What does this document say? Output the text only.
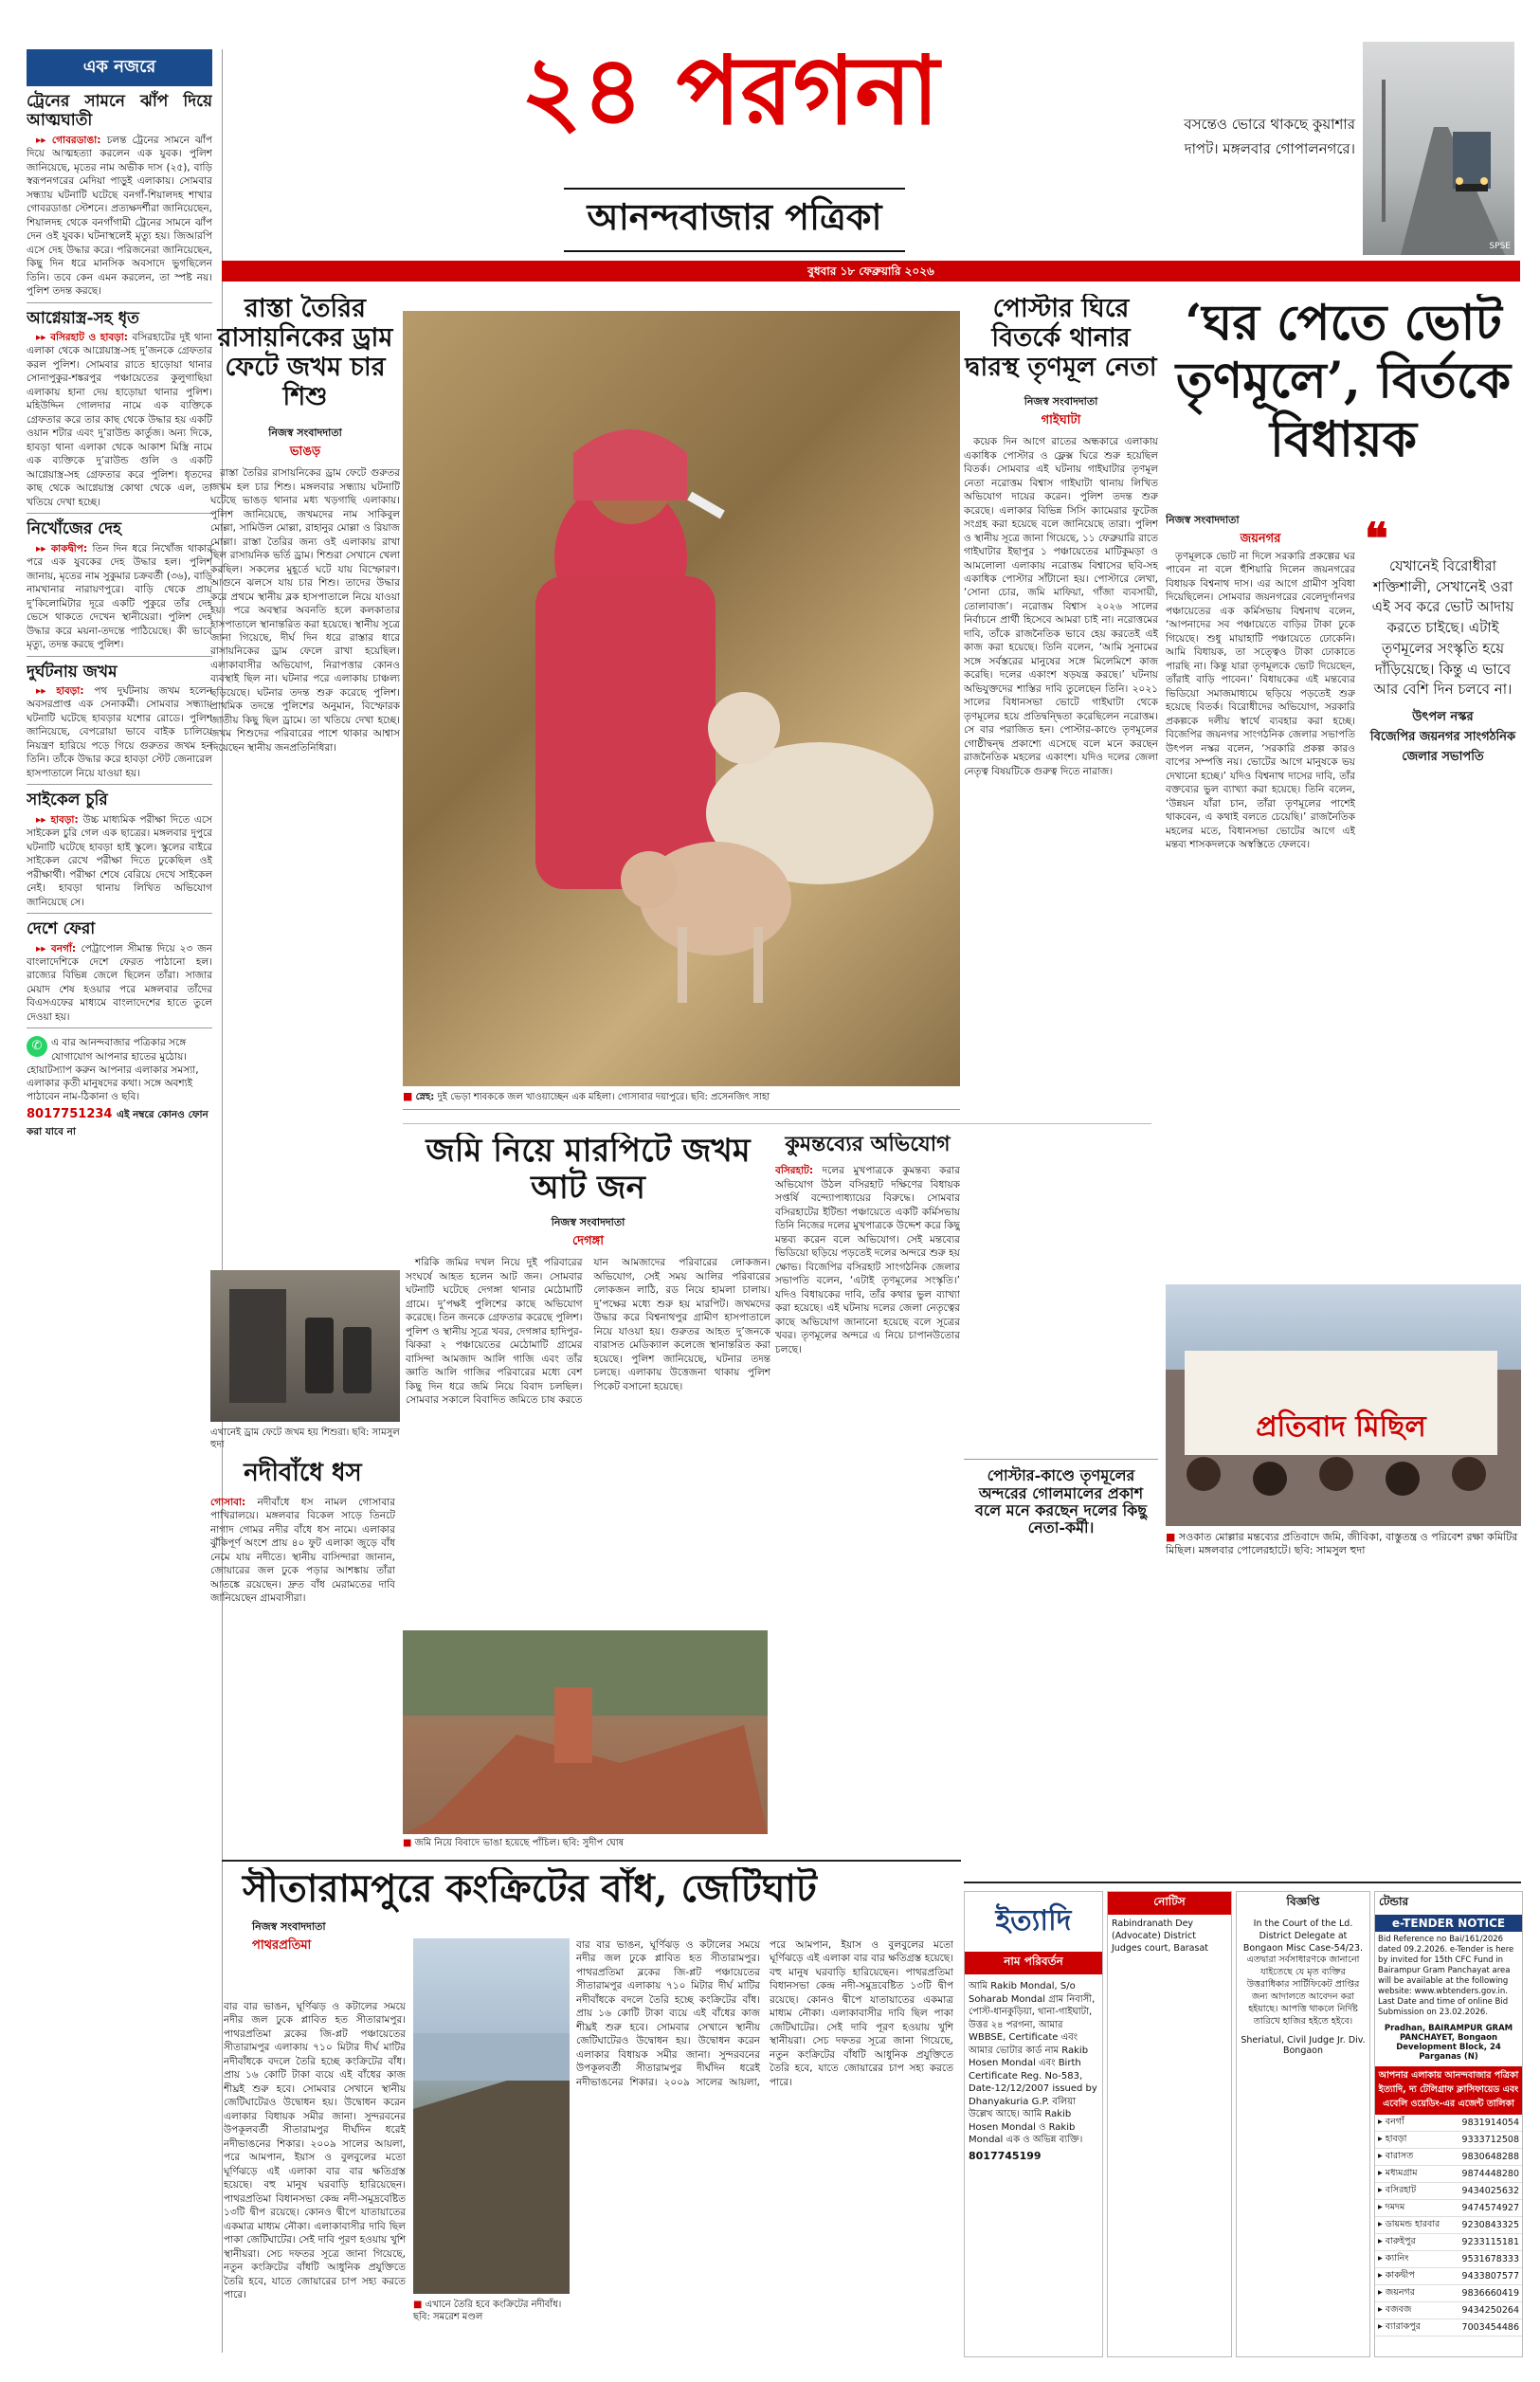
এক নজরে
ট্রেনের সামনে ঝাঁপ দিয়ে আত্মঘাতী

▸▸ গোবরডাঙা: চলন্ত ট্রেনের সামনে ঝাঁপ দিয়ে আত্মহত্যা করলেন এক যুবক। পুলিশ জানিয়েছে, মৃতের নাম অভীক দাস (২৫), বাড়ি স্বরূপনগরের মেদিয়া পাড়ুই এলাকায়। সোমবার সন্ধ্যায় ঘটনাটি ঘটেছে বনগাঁ-শিয়ালদহ শাখার গোবরডাঙা স্টেশনে। প্রত্যক্ষদর্শীরা জানিয়েছেন, শিয়ালদহ থেকে বনগাঁগামী ট্রেনের সামনে ঝাঁপ দেন ওই যুবক। ঘটনাস্থলেই মৃত্যু হয়। জিআরপি এসে দেহ উদ্ধার করে। পরিজনেরা জানিয়েছেন, কিছু দিন ধরে মানসিক অবসাদে ভুগছিলেন তিনি। তবে কেন এমন করলেন, তা স্পষ্ট নয়। পুলিশ তদন্ত করছে।

আগ্নেয়াস্ত্র-সহ ধৃত

▸▸ বসিরহাট ও হাবড়া: বসিরহাটের দুই থানা এলাকা থেকে আগ্নেয়াস্ত্র-সহ দু’জনকে গ্রেফতার করল পুলিশ। সোমবার রাতে হাড়োয়া থানার সোনাপুকুর-শঙ্করপুর পঞ্চায়েতের কুলুগাছিয়া এলাকায় হানা দেয় হাড়োয়া থানার পুলিশ। মহিউদ্দিন গোলদার নামে এক ব্যক্তিকে গ্রেফতার করে তার কাছ থেকে উদ্ধার হয় একটি ওয়ান শটার এবং দু’রাউন্ড কার্তুজ। অন্য দিকে, হাবড়া থানা এলাকা থেকে আকাশ মিস্ত্রি নামে এক ব্যক্তিকে দু’রাউন্ড গুলি ও একটি আগ্নেয়াস্ত্র-সহ গ্রেফতার করে পুলিশ। ধৃতদের কাছ থেকে আগ্নেয়াস্ত্র কোথা থেকে এল, তা খতিয়ে দেখা হচ্ছে।

নিখোঁজের দেহ

▸▸ কাকদ্বীপ: তিন দিন ধরে নিখোঁজ থাকার পরে এক যুবকের দেহ উদ্ধার হল। পুলিশ জানায়, মৃতের নাম সুকুমার চক্রবর্তী (৩৬), বাড়ি নামখানার নারায়ণপুরে। বাড়ি থেকে প্রায় দু’কিলোমিটার দূরে একটি পুকুরে তাঁর দেহ ভেসে থাকতে দেখেন স্থানীয়েরা। পুলিশ দেহ উদ্ধার করে ময়না-তদন্তে পাঠিয়েছে। কী ভাবে মৃত্যু, তদন্ত করছে পুলিশ।

দুর্ঘটনায় জখম

▸▸ হাবড়া: পথ দুর্ঘটনায় জখম হলেন অবসরপ্রাপ্ত এক সেনাকর্মী। সোমবার সন্ধ্যায় ঘটনাটি ঘটেছে হাবড়ার যশোর রোডে। পুলিশ জানিয়েছে, বেপরোয়া ভাবে বাইক চালিয়ে নিয়ন্ত্রণ হারিয়ে পড়ে গিয়ে গুরুতর জখম হন তিনি। তাঁকে উদ্ধার করে হাবড়া স্টেট জেনারেল হাসপাতালে নিয়ে যাওয়া হয়।

সাইকেল চুরি

▸▸ হাবড়া: উচ্চ মাধ্যমিক পরীক্ষা দিতে এসে সাইকেল চুরি গেল এক ছাত্রের। মঙ্গলবার দুপুরে ঘটনাটি ঘটেছে হাবড়া হাই স্কুলে। স্কুলের বাইরে সাইকেল রেখে পরীক্ষা দিতে ঢুকেছিল ওই পরীক্ষার্থী। পরীক্ষা শেষে বেরিয়ে দেখে সাইকেল নেই। হাবড়া থানায় লিখিত অভিযোগ জানিয়েছে সে।

দেশে ফেরা

▸▸ বনগাঁ: পেট্রাপোল সীমান্ত দিয়ে ২৩ জন বাংলাদেশিকে দেশে ফেরত পাঠানো হল। রাজ্যের বিভিন্ন জেলে ছিলেন তাঁরা। সাজার মেয়াদ শেষ হওয়ার পরে মঙ্গলবার তাঁদের বিএসএফের মাধ্যমে বাংলাদেশের হাতে তুলে দেওয়া হয়।

✆ এ বার আনন্দবাজার পত্রিকার সঙ্গে যোগাযোগ আপনার হাতের মুঠোয়। হোয়াটস্যাপ করুন আপনার এলাকার সমস্যা, এলাকার কৃতী মানুষদের কথা। সঙ্গে অবশ্যই পাঠাবেন নাম-ঠিকানা ও ছবি।
8017751234 এই নম্বরে কোনও ফোন করা যাবে না
২৪ পরগনা
আনন্দবাজার পত্রিকা
বসন্তেও ভোরে থাকছে কুয়াশার দাপট। মঙ্গলবার গোপালনগরে।
SPSE
বুধবার ১৮ ফেব্রুয়ারি ২০২৬
রাস্তা তৈরির রাসায়নিকের ড্রাম ফেটে জখম চার শিশু
নিজস্ব সংবাদদাতা
ভাঙড়
রাস্তা তৈরির রাসায়নিকের ড্রাম ফেটে গুরুতর জখম হল চার শিশু। মঙ্গলবার সন্ধ্যায় ঘটনাটি ঘটেছে ভাঙড় থানার মধ্য খড়গাছি এলাকায়। পুলিশ জানিয়েছে, জখমদের নাম সাকিবুল মোল্লা, সামিউল মোল্লা, রাহানুর মোল্লা ও রিয়াজ মোল্লা। রাস্তা তৈরির জন্য ওই এলাকায় রাখা ছিল রাসায়নিক ভর্তি ড্রাম। শিশুরা সেখানে খেলা করছিল। সকলের মুহূর্তে ঘটে যায় বিস্ফোরণ। আগুনে ঝলসে যায় চার শিশু। তাদের উদ্ধার করে প্রথমে স্থানীয় ব্লক হাসপাতালে নিয়ে যাওয়া হয়। পরে অবস্থার অবনতি হলে কলকাতার হাসপাতালে স্থানান্তরিত করা হয়েছে। স্থানীয় সূত্রে জানা গিয়েছে, দীর্ঘ দিন ধরে রাস্তার ধারে রাসায়নিকের ড্রাম ফেলে রাখা হয়েছিল। এলাকাবাসীর অভিযোগ, নিরাপত্তার কোনও ব্যবস্থাই ছিল না। ঘটনার পরে এলাকায় চাঞ্চল্য ছড়িয়েছে। ঘটনার তদন্ত শুরু করেছে পুলিশ। প্রাথমিক তদন্তে পুলিশের অনুমান, বিস্ফোরক জাতীয় কিছু ছিল ড্রামে। তা খতিয়ে দেখা হচ্ছে। জখম শিশুদের পরিবারের পাশে থাকার আশ্বাস দিয়েছেন স্থানীয় জনপ্রতিনিধিরা।
এখানেই ড্রাম ফেটে জখম হয় শিশুরা। ছবি: সামসুল হুদা
■ স্নেহ: দুই ভেড়া শাবককে জল খাওয়াচ্ছেন এক মহিলা। গোসাবার দয়াপুরে। ছবি: প্রসেনজিৎ সাহা
পোস্টার ঘিরে বিতর্কে থানার দ্বারস্থ তৃণমূল নেতা
নিজস্ব সংবাদদাতা
গাইঘাটা
কয়েক দিন আগে রাতের অন্ধকারে এলাকায় একাধিক পোস্টার ও ফ্লেক্স ঘিরে শুরু হয়েছিল বিতর্ক। সোমবার এই ঘটনায় গাইঘাটার তৃণমূল নেতা নরোত্তম বিশ্বাস গাইঘাটা থানায় লিখিত অভিযোগ দায়ের করেন। পুলিশ তদন্ত শুরু করেছে। এলাকার বিভিন্ন সিসি ক্যামেরার ফুটেজ সংগ্রহ করা হয়েছে বলে জানিয়েছে তারা। পুলিশ ও স্থানীয় সূত্রে জানা গিয়েছে, ১১ ফেব্রুয়ারি রাতে গাইঘাটার ইছাপুর ১ পঞ্চায়েতের মাটিকুমড়া ও আমলোলা এলাকায় নরোত্তম বিশ্বাসের ছবি-সহ একাধিক পোস্টার সাঁটানো হয়। পোস্টারে লেখা, ‘সোনা চোর, জমি মাফিয়া, গাঁজা ব্যবসায়ী, তোলাবাজ’। নরোত্তম বিশ্বাস ২০২৬ সালের নির্বাচনে প্রার্থী হিসেবে আমরা চাই না। নরোত্তমের দাবি, তাঁকে রাজনৈতিক ভাবে হেয় করতেই এই কাজ করা হয়েছে। তিনি বলেন, ‘আমি সুনামের সঙ্গে সর্বস্তরের মানুষের সঙ্গে মিলেমিশে কাজ করেছি। দলের একাংশ ষড়যন্ত্র করছে।’ ঘটনায় অভিযুক্তদের শাস্তির দাবি তুলেছেন তিনি। ২০২১ সালের বিধানসভা ভোটে গাইঘাটা থেকে তৃণমূলের হয়ে প্রতিদ্বন্দ্বিতা করেছিলেন নরোত্তম। সে বার পরাজিত হন। পোস্টার-কাণ্ডে তৃণমূলের গোষ্ঠীদ্বন্দ্ব প্রকাশ্যে এসেছে বলে মনে করছেন রাজনৈতিক মহলের একাংশ। যদিও দলের জেলা নেতৃত্ব বিষয়টিকে গুরুত্ব দিতে নারাজ।
পোস্টার-কাণ্ডে তৃণমূলের অন্দরের গোলমালের প্রকাশ বলে মনে করছেন দলের কিছু নেতা-কর্মী।
‘ঘর পেতে ভোট তৃণমূলে’, বির্তকে বিধায়ক
নিজস্ব সংবাদদাতা
জয়নগর
তৃণমূলকে ভোট না দিলে সরকারি প্রকল্পের ঘর পাবেন না বলে হুঁশিয়ারি দিলেন জয়নগরের বিধায়ক বিশ্বনাথ দাস। এর আগে গ্রামীণ সুবিধা দিয়েছিলেন। সোমবার জয়নগরের বেলেদুর্গানগর পঞ্চায়েতের এক কর্মিসভায় বিশ্বনাথ বলেন, ‘আপনাদের সব পঞ্চায়েতে বাড়ির টাকা ঢুকে গিয়েছে। শুধু মায়াহাটি পঞ্চায়েতে ঢোকেনি। আমি বিধায়ক, তা সত্ত্বেও টাকা ঢোকাতে পারছি না। কিন্তু যারা তৃণমূলকে ভোট দিয়েছেন, তাঁরাই বাড়ি পাবেন।’ বিধায়কের এই মন্তব্যের ভিডিয়ো সমাজমাধ্যমে ছড়িয়ে পড়তেই শুরু হয়েছে বিতর্ক। বিরোধীদের অভিযোগ, সরকারি প্রকল্পকে দলীয় স্বার্থে ব্যবহার করা হচ্ছে। বিজেপির জয়নগর সাংগঠনিক জেলার সভাপতি উৎপল নস্কর বলেন, ‘সরকারি প্রকল্প কারও বাপের সম্পত্তি নয়। ভোটের আগে মানুষকে ভয় দেখানো হচ্ছে।’ যদিও বিশ্বনাথ দাসের দাবি, তাঁর বক্তব্যের ভুল ব্যাখ্যা করা হয়েছে। তিনি বলেন, ‘উন্নয়ন যাঁরা চান, তাঁরা তৃণমূলের পাশেই থাকবেন, এ কথাই বলতে চেয়েছি।’ রাজনৈতিক মহলের মতে, বিধানসভা ভোটের আগে এই মন্তব্য শাসকদলকে অস্বস্তিতে ফেলবে।
❝
যেখানেই বিরোধীরা শক্তিশালী, সেখানেই ওরা এই সব করে ভোট আদায় করতে চাইছে। এটাই তৃণমূলের সংস্কৃতি হয়ে দাঁড়িয়েছে। কিন্তু এ ভাবে আর বেশি দিন চলবে না।
উৎপল নস্কর
বিজেপির জয়নগর সাংগঠনিক জেলার সভাপতি
প্রতিবাদ মিছিল
■ সওকাত মোল্লার মন্তব্যের প্রতিবাদে জমি, জীবিকা, বাস্তুতন্ত্র ও পরিবেশ রক্ষা কমিটির মিছিল। মঙ্গলবার পোলেরহাটে। ছবি: সামসুল হুদা
জমি নিয়ে মারপিটে জখম আট জন
নিজস্ব সংবাদদাতা
দেগঙ্গা
শরিকি জমির দখল নিয়ে দুই পরিবারের সংঘর্ষে আহত হলেন আট জন। সোমবার ঘটনাটি ঘটেছে দেগঙ্গা থানার মেঠোমাটি গ্রামে। দু’পক্ষই পুলিশের কাছে অভিযোগ করেছে। তিন জনকে গ্রেফতার করেছে পুলিশ। পুলিশ ও স্থানীয় সূত্রে খবর, দেগঙ্গার হাদিপুর-ঝিকরা ২ পঞ্চায়েতের মেঠোমাটি গ্রামের বাসিন্দা আমজাদ আলি গাজি এবং তাঁর জ্ঞাতি আলি গাজির পরিবারের মধ্যে বেশ কিছু দিন ধরে জমি নিয়ে বিবাদ চলছিল। সোমবার সকালে বিবাদিত জমিতে চাষ করতে যান আমজাদের পরিবারের লোকজন। অভিযোগ, সেই সময় আলির পরিবারের লোকজন লাঠি, রড নিয়ে হামলা চালায়। দু’পক্ষের মধ্যে শুরু হয় মারপিট। জখমদের উদ্ধার করে বিশ্বনাথপুর গ্রামীণ হাসপাতালে নিয়ে যাওয়া হয়। গুরুতর আহত দু’জনকে বারাসত মেডিক্যাল কলেজে স্থানান্তরিত করা হয়েছে। পুলিশ জানিয়েছে, ঘটনার তদন্ত চলছে। এলাকায় উত্তেজনা থাকায় পুলিশ পিকেট বসানো হয়েছে।
কুমন্তব্যের অভিযোগ
বসিরহাট: দলের মুখপাত্রকে কুমন্তব্য করার অভিযোগ উঠল বসিরহাট দক্ষিণের বিধায়ক সপ্তর্ষি বন্দ্যোপাধ্যায়ের বিরুদ্ধে। সোমবার বসিরহাটের ইটিন্ডা পঞ্চায়েতে একটি কর্মিসভায় তিনি নিজের দলের মুখপাত্রকে উদ্দেশ করে কিছু মন্তব্য করেন বলে অভিযোগ। সেই মন্তব্যের ভিডিয়ো ছড়িয়ে পড়তেই দলের অন্দরে শুরু হয় ক্ষোভ। বিজেপির বসিরহাট সাংগঠনিক জেলার সভাপতি বলেন, ‘এটাই তৃণমূলের সংস্কৃতি।’ যদিও বিধায়কের দাবি, তাঁর কথার ভুল ব্যাখ্যা করা হয়েছে। এই ঘটনায় দলের জেলা নেতৃত্বের কাছে অভিযোগ জানানো হয়েছে বলে সূত্রের খবর। তৃণমূলের অন্দরে এ নিয়ে চাপানউতোর চলছে।
নদীবাঁধে ধস
গোসাবা: নদীবাঁধে ধস নামল গোসাবার পাখিরালয়ে। মঙ্গলবার বিকেল সাড়ে তিনটে নাগাদ গোমর নদীর বাঁধে ধস নামে। এলাকার ঝুঁকিপূর্ণ অংশে প্রায় ৪০ ফুট এলাকা জুড়ে বাঁধ নেমে যায় নদীতে। স্থানীয় বাসিন্দারা জানান, জোয়ারের জল ঢুকে পড়ার আশঙ্কায় তাঁরা আতঙ্কে রয়েছেন। দ্রুত বাঁধ মেরামতের দাবি জানিয়েছেন গ্রামবাসীরা।
■ জমি নিয়ে বিবাদে ভাঙা হয়েছে পাঁচিল। ছবি: সুদীপ ঘোষ
সীতারামপুরে কংক্রিটের বাঁধ, জেটিঘাট
নিজস্ব সংবাদদাতা
পাথরপ্রতিমা
বার বার ভাঙন, ঘূর্ণিঝড় ও কটালের সময়ে নদীর জল ঢুকে প্লাবিত হত সীতারামপুর। পাথরপ্রতিমা ব্লকের জি-প্লট পঞ্চায়েতের সীতারামপুর এলাকায় ৭১০ মিটার দীর্ঘ মাটির নদীবাঁধকে বদলে তৈরি হচ্ছে কংক্রিটের বাঁধ। প্রায় ১৬ কোটি টাকা ব্যয়ে এই বাঁধের কাজ শীঘ্রই শুরু হবে। সোমবার সেখানে স্থানীয় জেটিঘাটেরও উদ্বোধন হয়। উদ্বোধন করেন এলাকার বিধায়ক সমীর জানা। সুন্দরবনের উপকূলবর্তী সীতারামপুর দীর্ঘদিন ধরেই নদীভাঙনের শিকার। ২০০৯ সালের আয়লা, পরে আমপান, ইয়াস ও বুলবুলের মতো ঘূর্ণিঝড়ে এই এলাকা বার বার ক্ষতিগ্রস্ত হয়েছে। বহু মানুষ ঘরবাড়ি হারিয়েছেন। পাথরপ্রতিমা বিধানসভা কেন্দ্র নদী-সমুদ্রবেষ্টিত ১৩টি দ্বীপ রয়েছে। কোনও দ্বীপে যাতায়াতের একমাত্র মাধ্যম নৌকা। এলাকাবাসীর দাবি ছিল পাকা জেটিঘাটের। সেই দাবি পূরণ হওয়ায় খুশি স্থানীয়রা। সেচ দফতর সূত্রে জানা গিয়েছে, নতুন কংক্রিটের বাঁধটি আধুনিক প্রযুক্তিতে তৈরি হবে, যাতে জোয়ারের চাপ সহ্য করতে পারে।
■ এখানে তৈরি হবে কংক্রিটের নদীবাঁধ। ছবি: সমরেশ মণ্ডল
বার বার ভাঙন, ঘূর্ণিঝড় ও কটালের সময়ে নদীর জল ঢুকে প্লাবিত হত সীতারামপুর। পাথরপ্রতিমা ব্লকের জি-প্লট পঞ্চায়েতের সীতারামপুর এলাকায় ৭১০ মিটার দীর্ঘ মাটির নদীবাঁধকে বদলে তৈরি হচ্ছে কংক্রিটের বাঁধ। প্রায় ১৬ কোটি টাকা ব্যয়ে এই বাঁধের কাজ শীঘ্রই শুরু হবে। সোমবার সেখানে স্থানীয় জেটিঘাটেরও উদ্বোধন হয়। উদ্বোধন করেন এলাকার বিধায়ক সমীর জানা। সুন্দরবনের উপকূলবর্তী সীতারামপুর দীর্ঘদিন ধরেই নদীভাঙনের শিকার। ২০০৯ সালের আয়লা, পরে আমপান, ইয়াস ও বুলবুলের মতো ঘূর্ণিঝড়ে এই এলাকা বার বার ক্ষতিগ্রস্ত হয়েছে। বহু মানুষ ঘরবাড়ি হারিয়েছেন। পাথরপ্রতিমা বিধানসভা কেন্দ্র নদী-সমুদ্রবেষ্টিত ১৩টি দ্বীপ রয়েছে। কোনও দ্বীপে যাতায়াতের একমাত্র মাধ্যম নৌকা। এলাকাবাসীর দাবি ছিল পাকা জেটিঘাটের। সেই দাবি পূরণ হওয়ায় খুশি স্থানীয়রা। সেচ দফতর সূত্রে জানা গিয়েছে, নতুন কংক্রিটের বাঁধটি আধুনিক প্রযুক্তিতে তৈরি হবে, যাতে জোয়ারের চাপ সহ্য করতে পারে।
ইত্যাদি
নাম পরিবর্তন
আমি Rakib Mondal, S/o Soharab Mondal গ্রাম নিবাসী, পোস্ট-ধানকুড়িয়া, থানা-গাইঘাটা, উত্তর ২৪ পরগনা, আমার WBBSE, Certificate এবং আমার ভোটার কার্ড নাম Rakib Hosen Mondal এবং Birth Certificate Reg. No-583, Date-12/12/2007 issued by Dhanyakuria G.P. বলিয়া উল্লেখ আছে। আমি Rakib Hosen Mondal ও Rakib Mondal এক ও অভিন্ন ব্যক্তি।
8017745199
নোটিস
Rabindranath Dey (Advocate) District Judges court, Barasat
বিজ্ঞপ্তি
In the Court of the Ld. District Delegate at Bongaon Misc Case-54/23. এতদ্বারা সর্বসাধারণকে জানানো যাইতেছে যে মৃত ব্যক্তির উত্তরাধিকার সার্টিফিকেট প্রাপ্তির জন্য আদালতে আবেদন করা হইয়াছে। আপত্তি থাকলে নির্দিষ্ট তারিখে হাজির হইতে হইবে।
Sheriatul, Civil Judge Jr. Div. Bongaon
টেন্ডার
e-TENDER NOTICE
Bid Reference no Bai/161/2026 dated 09.2.2026. e-Tender is here by invited for 15th CFC Fund in Bairampur Gram Panchayat area will be available at the following website: www.wbtenders.gov.in. Last Date and time of online Bid Submission on 23.02.2026.
Pradhan, BAIRAMPUR GRAM PANCHAYET, Bongaon Development Block, 24 Parganas (N)
আপনার এলাকায় আনন্দবাজার পত্রিকা ইত্যাদি, দ্য টেলিগ্রাফ ক্লাসিফায়েড এবং এবেলি ওয়েডিং-এর এজেন্ট তালিকা
▸ বনগাঁ	9831914054
▸ হাবড়া	9333712508
▸ বারাসত	9830648288
▸ মধ্যমগ্রাম	9874448280
▸ বসিরহাট	9434025632
▸ দমদম	9474574927
▸ ডায়মন্ড হারবার	9230843325
▸ বারুইপুর	9233115181
▸ ক্যানিং	9531678333
▸ কাকদ্বীপ	9433807577
▸ জয়নগর	9836660419
▸ বজবজ	9434250264
▸ ব্যারাকপুর	7003454486
